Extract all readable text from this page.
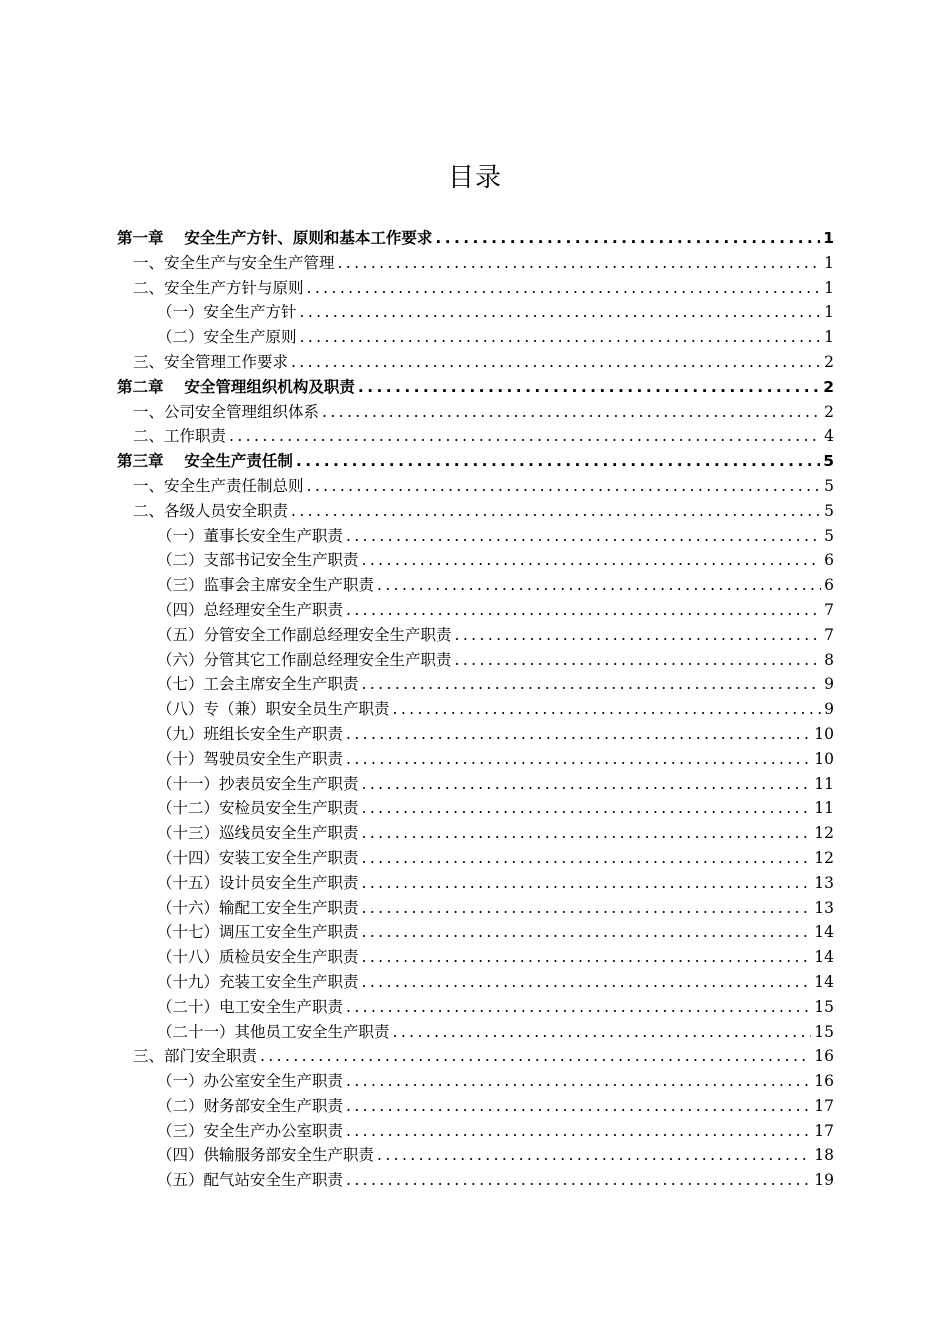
目录
第一章　 安全生产方针、原则和基本工作要求 .....	1
一、安全生产与安全生产管理 .....	1
二、安全生产方针与原则 .....	1
（一）安全生产方针 .....	1
（二）安全生产原则 .....	1
三、安全管理工作要求 .....	2
第二章　 安全管理组织机构及职责 .....	2
一、公司安全管理组织体系 .....	2
二、工作职责 .....	4
第三章　 安全生产责任制 .....	5
一、安全生产责任制总则 .....	5
二、各级人员安全职责 .....	5
（一）董事长安全生产职责 .....	5
（二）支部书记安全生产职责 .....	6
（三）监事会主席安全生产职责 .....	6
（四）总经理安全生产职责 .....	7
（五）分管安全工作副总经理安全生产职责 .....	7
（六）分管其它工作副总经理安全生产职责 .....	8
（七）工会主席安全生产职责 .....	9
（八）专（兼）职安全员生产职责 .....	9
（九）班组长安全生产职责 .....	10
（十）驾驶员安全生产职责 .....	10
（十一）抄表员安全生产职责 .....	11
（十二）安检员安全生产职责 .....	11
（十三）巡线员安全生产职责 .....	12
（十四）安装工安全生产职责 .....	12
（十五）设计员安全生产职责 .....	13
（十六）输配工安全生产职责 .....	13
（十七）调压工安全生产职责 .....	14
（十八）质检员安全生产职责 .....	14
（十九）充装工安全生产职责 .....	14
（二十）电工安全生产职责 .....	15
（二十一）其他员工安全生产职责 .....	15
三、部门安全职责 .....	16
（一）办公室安全生产职责 .....	16
（二）财务部安全生产职责 .....	17
（三）安全生产办公室职责 .....	17
（四）供输服务部安全生产职责 .....	18
（五）配气站安全生产职责 .....	19
